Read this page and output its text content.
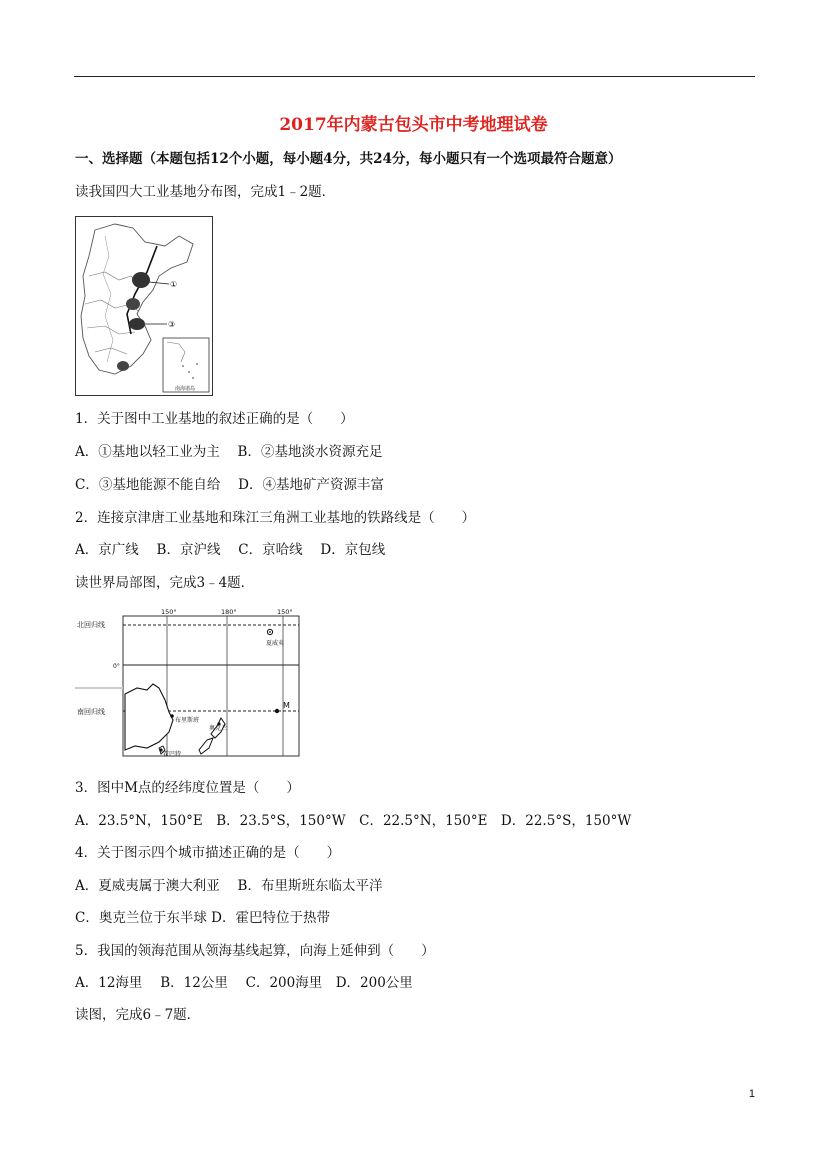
2017年内蒙古包头市中考地理试卷
一、选择题（本题包括12个小题，每小题4分，共24分，每小题只有一个选项最符合题意）
读我国四大工业基地分布图，完成1﹣2题．
①
③
南海诸岛
1．关于图中工业基地的叙述正确的是（　　）
A．①基地以轻工业为主　 B．②基地淡水资源充足
C．③基地能源不能自给　 D．④基地矿产资源丰富
2．连接京津唐工业基地和珠江三角洲工业基地的铁路线是（　　）
A．京广线　 B．京沪线　 C．京哈线　 D．京包线
读世界局部图，完成3﹣4题．
150°	180°	150°
北回归线
0°
南回归线
夏威夷
M
布里斯班
霍巴特
奥克兰
3．图中M点的经纬度位置是（　　）
A．23.5°N，150°E　B．23.5°S，150°W　C．22.5°N，150°E　D．22.5°S，150°W
4．关于图示四个城市描述正确的是（　　）
A．夏威夷属于澳大利亚　 B．布里斯班东临太平洋
C．奥克兰位于东半球 D．霍巴特位于热带
5．我国的领海范围从领海基线起算，向海上延伸到（　　）
A．12海里　 B．12公里　 C．200海里　D．200公里
读图，完成6﹣7题．
1
